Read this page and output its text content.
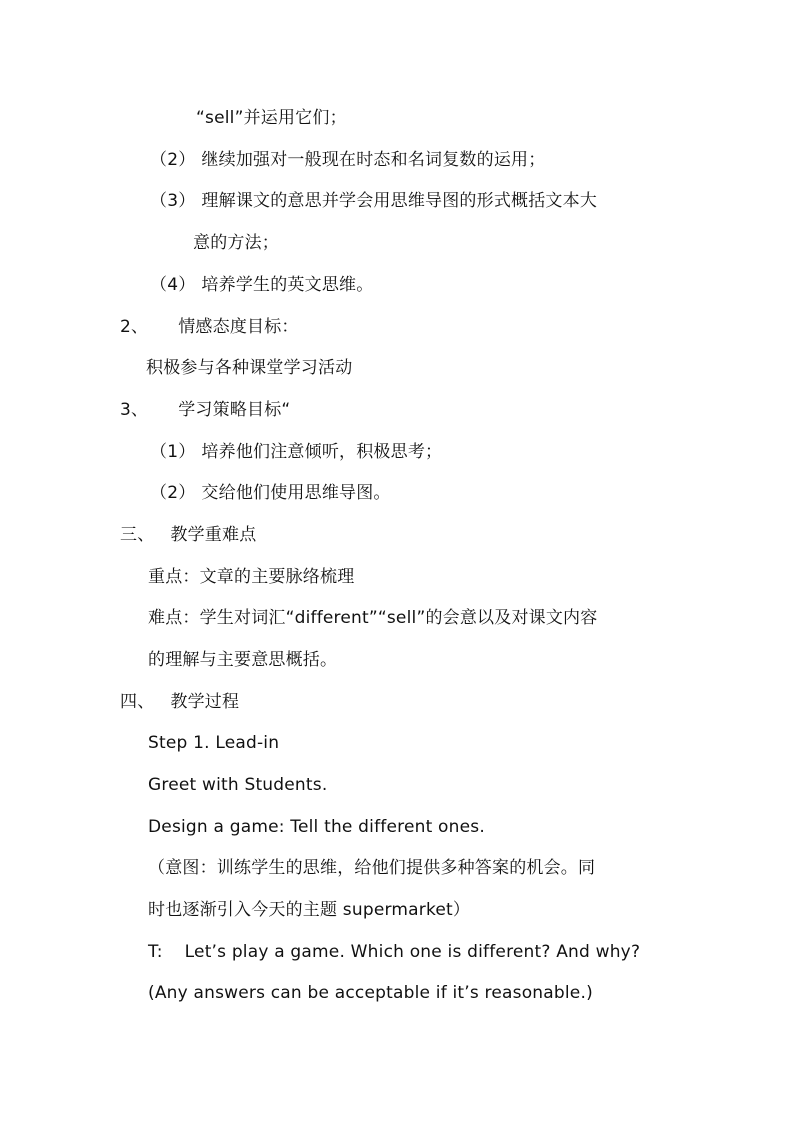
“sell”并运用它们；
（2） 继续加强对一般现在时态和名词复数的运用；
（3） 理解课文的意思并学会用思维导图的形式概括文本大
意的方法；
（4） 培养学生的英文思维。
2、 情感态度目标：
积极参与各种课堂学习活动
3、 学习策略目标“
（1） 培养他们注意倾听，积极思考；
（2） 交给他们使用思维导图。
三、 教学重难点
重点：文章的主要脉络梳理
难点：学生对词汇“different”“sell”的会意以及对课文内容
的理解与主要意思概括。
四、 教学过程
Step 1. Lead-in
Greet with Students.
Design a game: Tell the different ones.
（意图：训练学生的思维，给他们提供多种答案的机会。同
时也逐渐引入今天的主题 supermarket）
T: Let’s play a game. Which one is different? And why?
(Any answers can be acceptable if it’s reasonable.)
